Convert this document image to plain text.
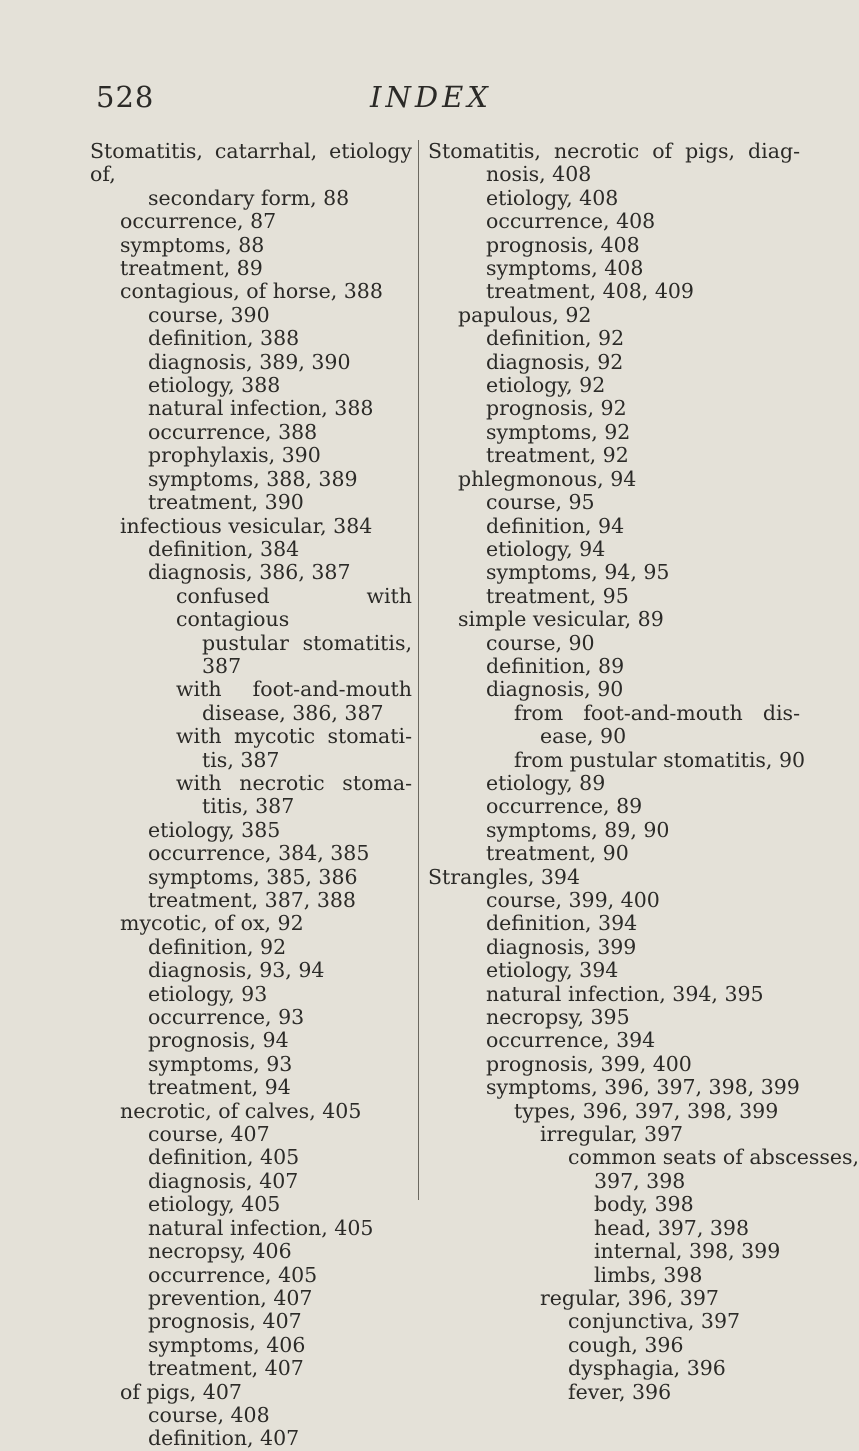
528	INDEX
Stomatitis, catarrhal, etiology of,
secondary form, 88
occurrence, 87
symptoms, 88
treatment, 89
contagious, of horse, 388
course, 390
definition, 388
diagnosis, 389, 390
etiology, 388
natural infection, 388
occurrence, 388
prophylaxis, 390
symptoms, 388, 389
treatment, 390
infectious vesicular, 384
definition, 384
diagnosis, 386, 387
confused with contagious
pustular stomatitis,
387
with foot-and-mouth
disease, 386, 387
with mycotic stomati-
tis, 387
with necrotic stoma-
titis, 387
etiology, 385
occurrence, 384, 385
symptoms, 385, 386
treatment, 387, 388
mycotic, of ox, 92
definition, 92
diagnosis, 93, 94
etiology, 93
occurrence, 93
prognosis, 94
symptoms, 93
treatment, 94
necrotic, of calves, 405
course, 407
definition, 405
diagnosis, 407
etiology, 405
natural infection, 405
necropsy, 406
occurrence, 405
prevention, 407
prognosis, 407
symptoms, 406
treatment, 407
of pigs, 407
course, 408
definition, 407
Stomatitis, necrotic of pigs, diag-
nosis, 408
etiology, 408
occurrence, 408
prognosis, 408
symptoms, 408
treatment, 408, 409
papulous, 92
definition, 92
diagnosis, 92
etiology, 92
prognosis, 92
symptoms, 92
treatment, 92
phlegmonous, 94
course, 95
definition, 94
etiology, 94
symptoms, 94, 95
treatment, 95
simple vesicular, 89
course, 90
definition, 89
diagnosis, 90
from foot-and-mouth dis-
ease, 90
from pustular stomatitis, 90
etiology, 89
occurrence, 89
symptoms, 89, 90
treatment, 90
Strangles, 394
course, 399, 400
definition, 394
diagnosis, 399
etiology, 394
natural infection, 394, 395
necropsy, 395
occurrence, 394
prognosis, 399, 400
symptoms, 396, 397, 398, 399
types, 396, 397, 398, 399
irregular, 397
common seats of abscesses,
397, 398
body, 398
head, 397, 398
internal, 398, 399
limbs, 398
regular, 396, 397
conjunctiva, 397
cough, 396
dysphagia, 396
fever, 396
